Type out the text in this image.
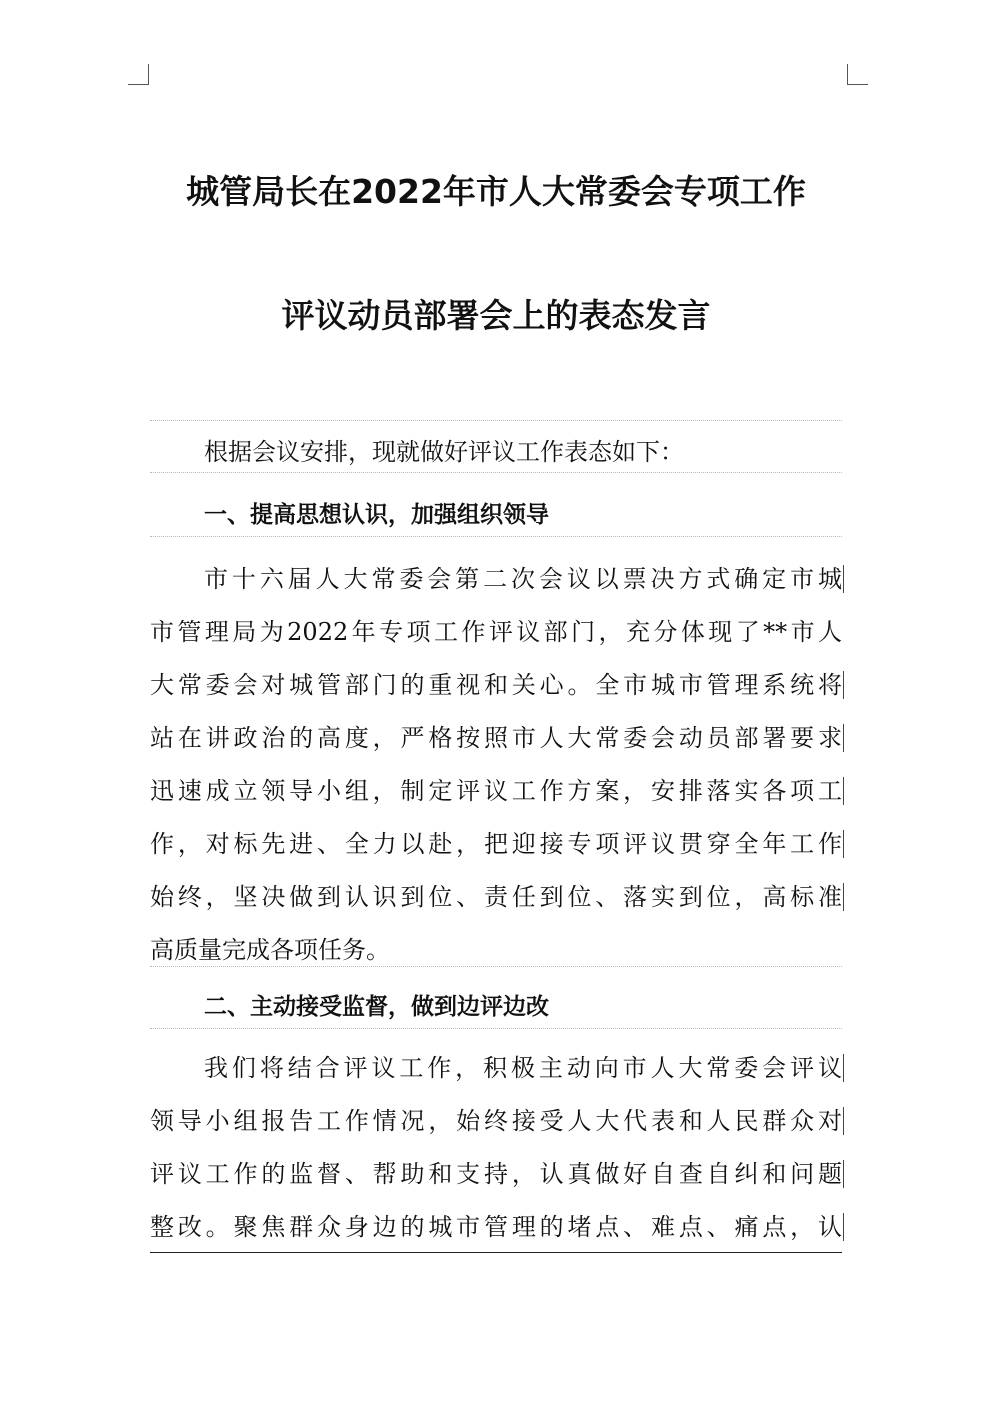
城管局长在2022年市人大常委会专项工作
评议动员部署会上的表态发言
根据会议安排，现就做好评议工作表态如下：
一、提高思想认识，加强组织领导
市十六届人大常委会第二次会议以票决方式确定市城
市管理局为2022年专项工作评议部门，充分体现了**市人
大常委会对城管部门的重视和关心。全市城市管理系统将
站在讲政治的高度，严格按照市人大常委会动员部署要求
迅速成立领导小组，制定评议工作方案，安排落实各项工
作，对标先进、全力以赴，把迎接专项评议贯穿全年工作
始终，坚决做到认识到位、责任到位、落实到位，高标准
高质量完成各项任务。
二、主动接受监督，做到边评边改
我们将结合评议工作，积极主动向市人大常委会评议
领导小组报告工作情况，始终接受人大代表和人民群众对
评议工作的监督、帮助和支持，认真做好自查自纠和问题
整改。聚焦群众身边的城市管理的堵点、难点、痛点，认
